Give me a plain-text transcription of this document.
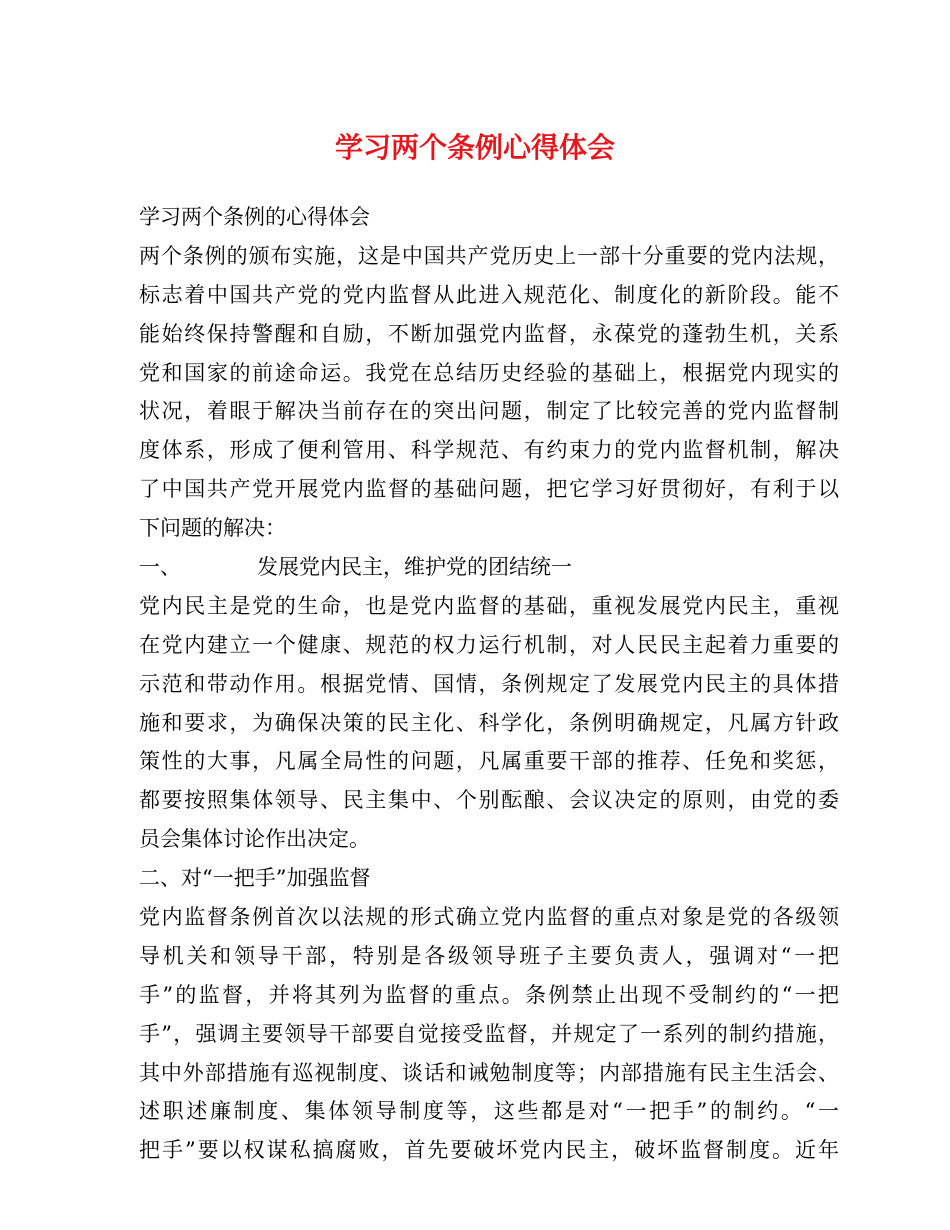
学习两个条例心得体会

学习两个条例的心得体会

两个条例的颁布实施，这是中国共产党历史上一部十分重要的党内法规，

标志着中国共产党的党内监督从此进入规范化、制度化的新阶段。能不

能始终保持警醒和自励，不断加强党内监督，永葆党的蓬勃生机，关系

党和国家的前途命运。我党在总结历史经验的基础上，根据党内现实的

状况，着眼于解决当前存在的突出问题，制定了比较完善的党内监督制

度体系，形成了便利管用、科学规范、有约束力的党内监督机制，解决

了中国共产党开展党内监督的基础问题，把它学习好贯彻好，有利于以

下问题的解决：

一、	发展党内民主，维护党的团结统一

党内民主是党的生命，也是党内监督的基础，重视发展党内民主，重视

在党内建立一个健康、规范的权力运行机制，对人民民主起着力重要的

示范和带动作用。根据党情、国情，条例规定了发展党内民主的具体措

施和要求，为确保决策的民主化、科学化，条例明确规定，凡属方针政

策性的大事，凡属全局性的问题，凡属重要干部的推荐、任免和奖惩，

都要按照集体领导、民主集中、个别酝酿、会议决定的原则，由党的委

员会集体讨论作出决定。

二、对“一把手”加强监督

党内监督条例首次以法规的形式确立党内监督的重点对象是党的各级领

导机关和领导干部，特别是各级领导班子主要负责人，强调对“一把

手”的监督，并将其列为监督的重点。条例禁止出现不受制约的“一把

手”，强调主要领导干部要自觉接受监督，并规定了一系列的制约措施，

其中外部措施有巡视制度、谈话和诫勉制度等；内部措施有民主生活会、

述职述廉制度、集体领导制度等，这些都是对“一把手”的制约。“一

把手”要以权谋私搞腐败，首先要破坏党内民主，破坏监督制度。近年
